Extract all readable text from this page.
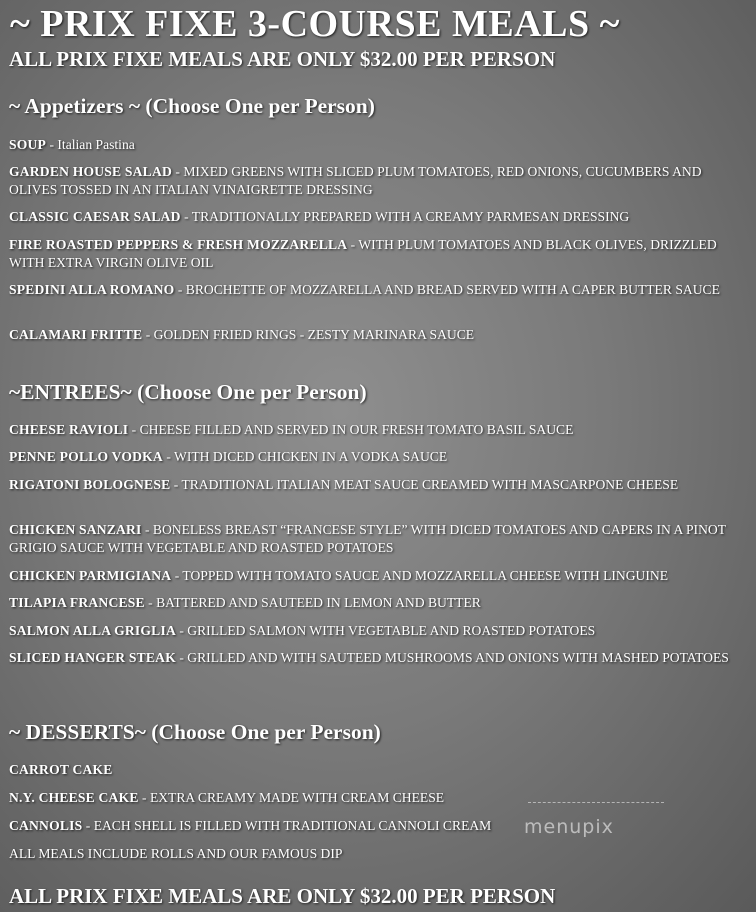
~ PRIX FIXE 3-COURSE MEALS ~
ALL PRIX FIXE MEALS ARE ONLY $32.00 PER PERSON
~ Appetizers ~ (Choose One per Person)
SOUP - Italian Pastina
GARDEN HOUSE SALAD - MIXED GREENS WITH SLICED PLUM TOMATOES, RED ONIONS, CUCUMBERS AND OLIVES TOSSED IN AN ITALIAN VINAIGRETTE DRESSING
CLASSIC CAESAR SALAD - TRADITIONALLY PREPARED WITH A CREAMY PARMESAN DRESSING
FIRE ROASTED PEPPERS & FRESH MOZZARELLA - WITH PLUM TOMATOES AND BLACK OLIVES, DRIZZLED WITH EXTRA VIRGIN OLIVE OIL
SPEDINI ALLA ROMANO - BROCHETTE OF MOZZARELLA AND BREAD SERVED WITH A CAPER BUTTER SAUCE
CALAMARI FRITTE - GOLDEN FRIED RINGS - ZESTY MARINARA SAUCE
~ENTREES~ (Choose One per Person)
CHEESE RAVIOLI - CHEESE FILLED AND SERVED IN OUR FRESH TOMATO BASIL SAUCE
PENNE POLLO VODKA - WITH DICED CHICKEN IN A VODKA SAUCE
RIGATONI BOLOGNESE - TRADITIONAL ITALIAN MEAT SAUCE CREAMED WITH MASCARPONE CHEESE
CHICKEN SANZARI - BONELESS BREAST “FRANCESE STYLE” WITH DICED TOMATOES AND CAPERS IN A PINOT GRIGIO SAUCE WITH VEGETABLE AND ROASTED POTATOES
CHICKEN PARMIGIANA - TOPPED WITH TOMATO SAUCE AND MOZZARELLA CHEESE WITH LINGUINE
TILAPIA FRANCESE - BATTERED AND SAUTEED IN LEMON AND BUTTER
SALMON ALLA GRIGLIA - GRILLED SALMON WITH VEGETABLE AND ROASTED POTATOES
SLICED HANGER STEAK - GRILLED AND WITH SAUTEED MUSHROOMS AND ONIONS WITH MASHED POTATOES
~ DESSERTS~ (Choose One per Person)
CARROT CAKE
N.Y. CHEESE CAKE - EXTRA CREAMY MADE WITH CREAM CHEESE
CANNOLIS - EACH SHELL IS FILLED WITH TRADITIONAL CANNOLI CREAM
ALL MEALS INCLUDE ROLLS AND OUR FAMOUS DIP
menupix
ALL PRIX FIXE MEALS ARE ONLY $32.00 PER PERSON
